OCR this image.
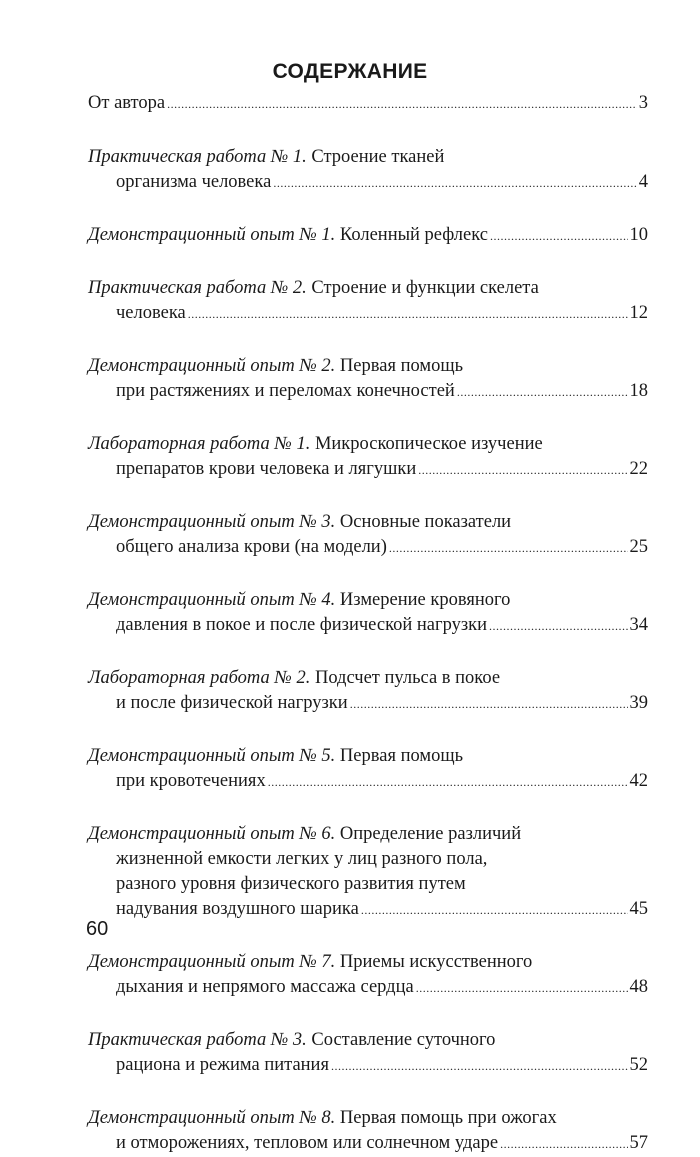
СОДЕРЖАНИЕ
От автора .....	3
Практическая работа № 1. Строение тканей
организма человека .....	4
Демонстрационный опыт № 1. Коленный рефлекс .....	10
Практическая работа № 2. Строение и функции скелета
человека .....	12
Демонстрационный опыт № 2. Первая помощь
при растяжениях и переломах конечностей .....	18
Лабораторная работа № 1. Микроскопическое изучение
препаратов крови человека и лягушки .....	22
Демонстрационный опыт № 3. Основные показатели
общего анализа крови (на модели) .....	25
Демонстрационный опыт № 4. Измерение кровяного
давления в покое и после физической нагрузки .....	34
Лабораторная работа № 2. Подсчет пульса в покое
и после физической нагрузки .....	39
Демонстрационный опыт № 5. Первая помощь
при кровотечениях .....	42
Демонстрационный опыт № 6. Определение различий
жизненной емкости легких у лиц разного пола,
разного уровня физического развития путем
надувания воздушного шарика .....	45
Демонстрационный опыт № 7. Приемы искусственного
дыхания и непрямого массажа сердца .....	48
Практическая работа № 3. Составление суточного
рациона и режима питания .....	52
Демонстрационный опыт № 8. Первая помощь при ожогах
и отморожениях, тепловом или солнечном ударе .....	57
60
